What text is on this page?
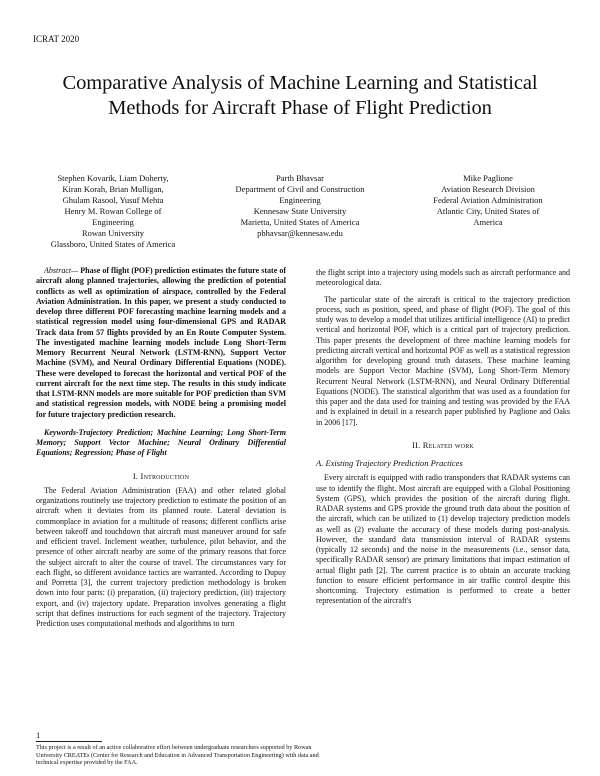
ICRAT 2020
Comparative Analysis of Machine Learning and Statistical Methods for Aircraft Phase of Flight Prediction
Stephen Kovarik, Liam Doherty,
Kiran Korah, Brian Mulligan,
Ghulam Rasool, Yusuf Mehta
Henry M. Rowan College of
Engineering
Rowan University
Glassboro, United States of America
Parth Bhavsar
Department of Civil and Construction
Engineering
Kennesaw State University
Marietta, United States of America
pbhavsar@kennesaw.edu
Mike Paglione
Aviation Research Division
Federal Aviation Administration
Atlantic City, United States of
America

Abstract— Phase of flight (POF) prediction estimates the future state of aircraft along planned trajectories, allowing the prediction of potential conflicts as well as optimization of airspace, controlled by the Federal Aviation Administration. In this paper, we present a study conducted to develop three different POF forecasting machine learning models and a statistical regression model using four-dimensional GPS and RADAR Track data from 57 flights provided by an En Route Computer System. The investigated machine learning models include Long Short-Term Memory Recurrent Neural Network (LSTM-RNN), Support Vector Machine (SVM), and Neural Ordinary Differential Equations (NODE). These were developed to forecast the horizontal and vertical POF of the current aircraft for the next time step. The results in this study indicate that LSTM-RNN models are more suitable for POF prediction than SVM and statistical regression models, with NODE being a promising model for future trajectory prediction research.

Keywords-Trajectory Prediction; Machine Learning; Long Short-Term Memory; Support Vector Machine; Neural Ordinary Differential Equations; Regression; Phase of Flight

I. Introduction

The Federal Aviation Administration (FAA) and other related global organizations routinely use trajectory prediction to estimate the position of an aircraft when it deviates from its planned route. Lateral deviation is commonplace in aviation for a multitude of reasons; different conflicts arise between takeoff and touchdown that aircraft must maneuver around for safe and efficient travel. Inclement weather, turbulence, pilot behavior, and the presence of other aircraft nearby are some of the primary reasons that force the subject aircraft to alter the course of travel. The circumstances vary for each flight, so different avoidance tactics are warranted. According to Dupuy and Porretta [3], the current trajectory prediction methodology is broken down into four parts: (i) preparation, (ii) trajectory prediction, (iii) trajectory export, and (iv) trajectory update. Preparation involves generating a flight script that defines instructions for each segment of the trajectory. Trajectory Prediction uses computational methods and algorithms to turn

the flight script into a trajectory using models such as aircraft performance and meteorological data.

The particular state of the aircraft is critical to the trajectory prediction process, such as position, speed, and phase of flight (POF). The goal of this study was to develop a model that utilizes artificial intelligence (AI) to predict vertical and horizontal POF, which is a critical part of trajectory prediction. This paper presents the development of three machine learning models for predicting aircraft vertical and horizontal POF as well as a statistical regression algorithm for developing ground truth datasets. These machine learning models are Support Vector Machine (SVM), Long Short-Term Memory Recurrent Neural Network (LSTM-RNN), and Neural Ordinary Differential Equations (NODE). The statistical algorithm that was used as a foundation for this paper and the data used for training and testing was provided by the FAA and is explained in detail in a research paper published by Paglione and Oaks in 2006 [17].

II. Related work

A. Existing Trajectory Prediction Practices

Every aircraft is equipped with radio transponders that RADAR systems can use to identify the flight. Most aircraft are equipped with a Global Positioning System (GPS), which provides the position of the aircraft during flight. RADAR systems and GPS provide the ground truth data about the position of the aircraft, which can be utilized to (1) develop trajectory prediction models as well as (2) evaluate the accuracy of these models during post-analysis. However, the standard data transmission interval of RADAR systems (typically 12 seconds) and the noise in the measurements (i.e., sensor data, specifically RADAR sensor) are primary limitations that impact estimation of actual flight path [2]. The current practice is to obtain an accurate tracking function to ensure efficient performance in air traffic control despite this shortcoming. Trajectory estimation is performed to create a better representation of the aircraft's

1
This project is a result of an active collaborative effort between undergraduate researchers supported by Rowan University CREATEs (Center for Research and Education in Advanced Transportation Engineering) with data and technical expertise provided by the FAA.
